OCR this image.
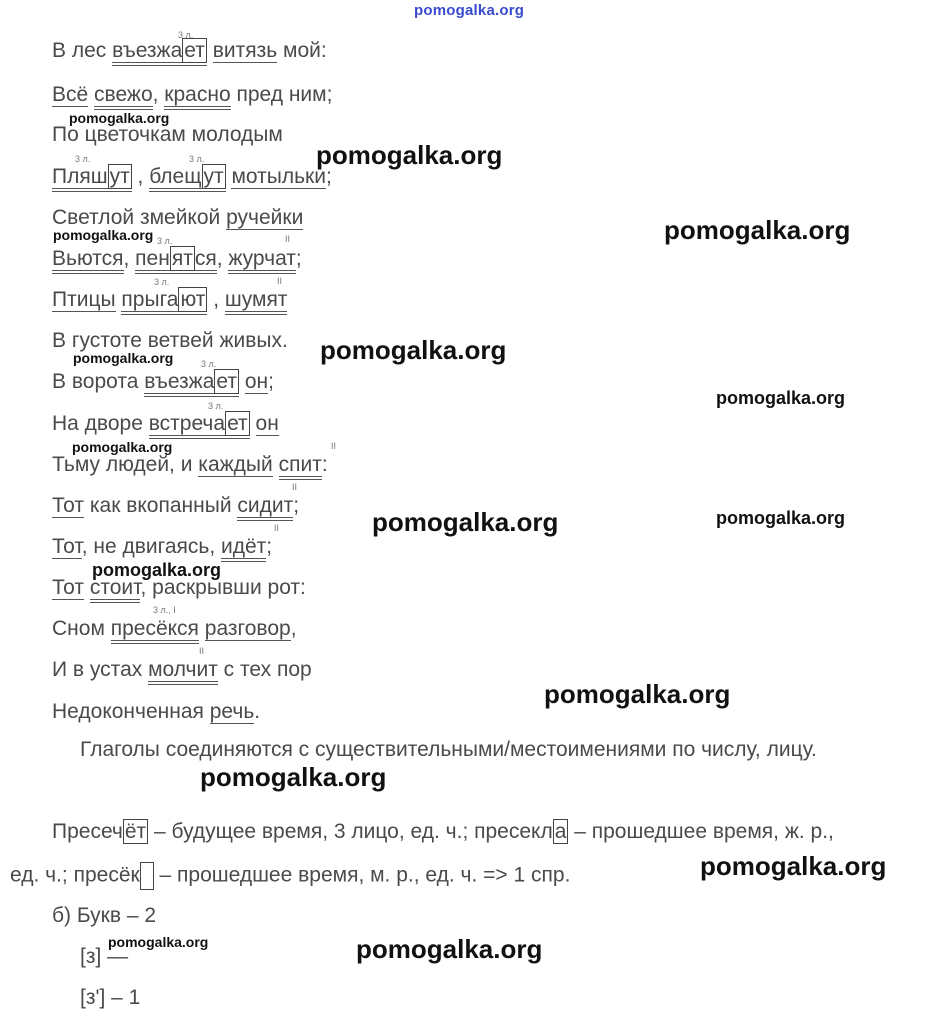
pomogalka.org
В лес въезжает витязь мой:
3 л.
Всё свежо, красно пред ним;
По цветочкам молодым
Пляшут , блещут мотыльки;
3 л.	3 л.
Светлой змейкой ручейки
Вьются, пенятся, журчат;
3 л.	II
Птицы прыгают , шумят
3 л.	II
В густоте ветвей живых.
В ворота въезжает он;
3 л.
На дворе встречает он
3 л.
Тьму людей, и каждый спит:
II
Тот как вкопанный сидит;
II
Тот, не двигаясь, идёт;
II
Тот стоит, раскрывши рот:
Сном пресёкся разговор,
3 л., I
И в устах молчит с тех пор
II
Недоконченная речь.
Глаголы соединяются с существительными/местоимениями по числу, лицу.
Пресечёт – будущее время, 3 лицо, ед. ч.; пресекла – прошедшее время, ж. р.,
ед. ч.; пресёк – прошедшее время, м. р., ед. ч. => 1 спр.
б) Букв – 2
[з] —
[з'] – 1
pomogalka.org
pomogalka.org
pomogalka.org	pomogalka.org
pomogalka.org
pomogalka.org
pomogalka.org
pomogalka.org
pomogalka.org	pomogalka.org
pomogalka.org
pomogalka.org
pomogalka.org
pomogalka.org
pomogalka.org	pomogalka.org
